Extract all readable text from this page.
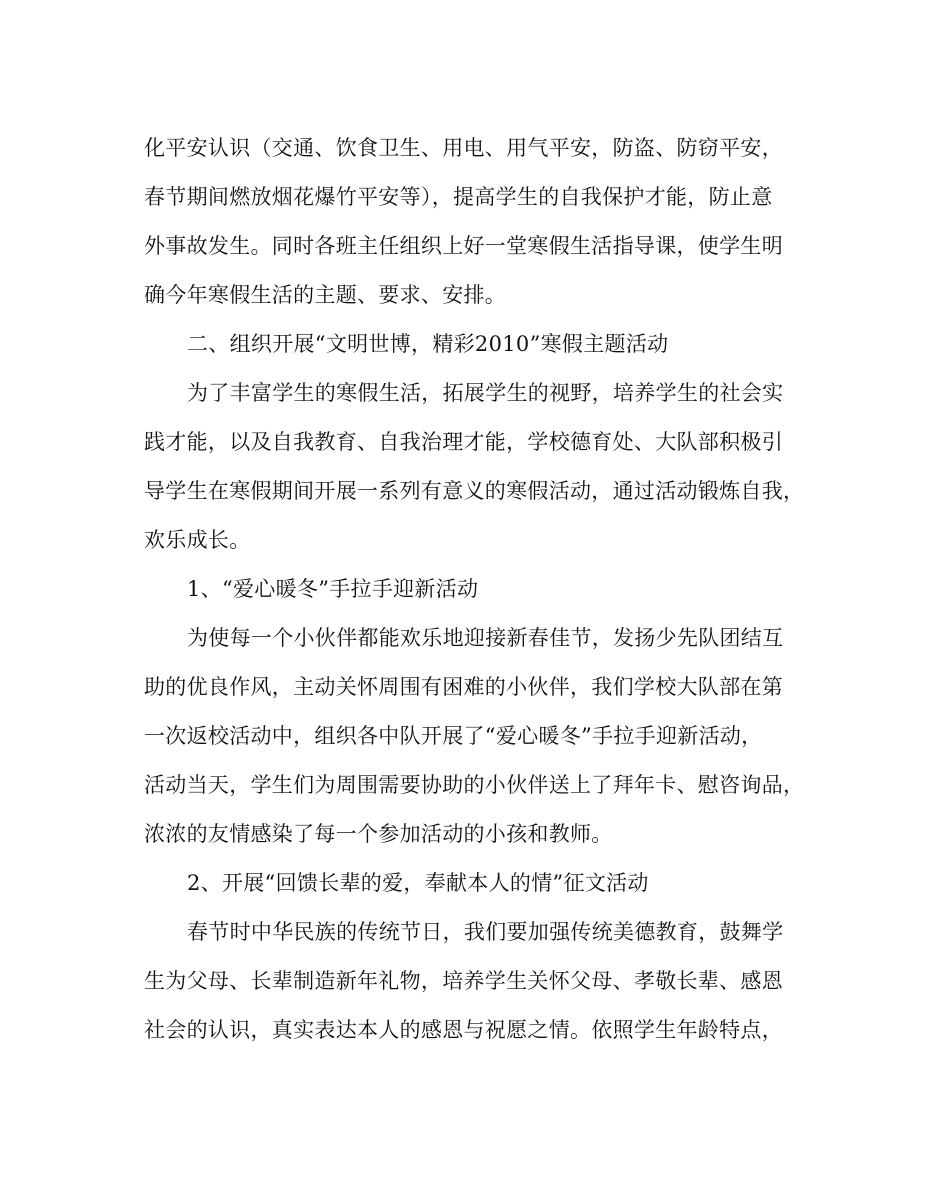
化平安认识（交通、饮食卫生、用电、用气平安，防盗、防窃平安，
春节期间燃放烟花爆竹平安等），提高学生的自我保护才能，防止意
外事故发生。同时各班主任组织上好一堂寒假生活指导课，使学生明
确今年寒假生活的主题、要求、安排。
二、组织开展“文明世博，精彩2010”寒假主题活动
为了丰富学生的寒假生活，拓展学生的视野，培养学生的社会实
践才能，以及自我教育、自我治理才能，学校德育处、大队部积极引
导学生在寒假期间开展一系列有意义的寒假活动，通过活动锻炼自我，
欢乐成长。
1、“爱心暖冬”手拉手迎新活动
为使每一个小伙伴都能欢乐地迎接新春佳节，发扬少先队团结互
助的优良作风，主动关怀周围有困难的小伙伴，我们学校大队部在第
一次返校活动中，组织各中队开展了“爱心暖冬”手拉手迎新活动，
活动当天，学生们为周围需要协助的小伙伴送上了拜年卡、慰咨询品，
浓浓的友情感染了每一个参加活动的小孩和教师。
2、开展“回馈长辈的爱，奉献本人的情”征文活动
春节时中华民族的传统节日，我们要加强传统美德教育，鼓舞学
生为父母、长辈制造新年礼物，培养学生关怀父母、孝敬长辈、感恩
社会的认识，真实表达本人的感恩与祝愿之情。依照学生年龄特点，
